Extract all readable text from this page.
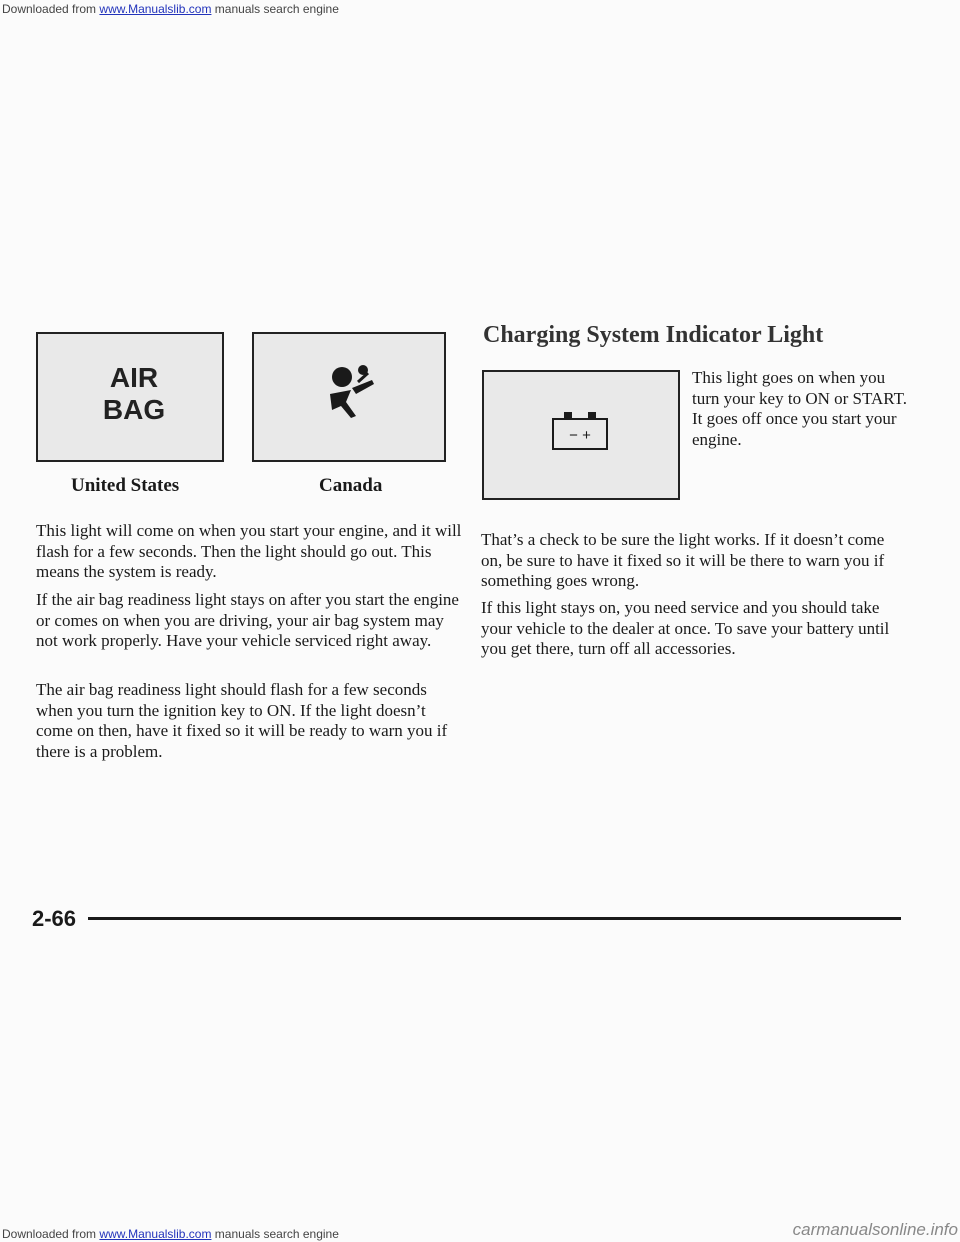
Downloaded from www.Manualslib.com manuals search engine
AIR
BAG
United States	Canada

This light will come on when you start your engine, and it will flash for a few seconds. Then the light should go out. This means the system is ready.

If the air bag readiness light stays on after you start the engine or comes on when you are driving, your air bag system may not work properly. Have your vehicle serviced right away.

The air bag readiness light should flash for a few seconds when you turn the ignition key to ON. If the light doesn’t come on then, have it fixed so it will be ready to warn you if there is a problem.

Charging System Indicator Light
− +

This light goes on when you turn your key to ON or START. It goes off once you start your engine.

That’s a check to be sure the light works. If it doesn’t come on, be sure to have it fixed so it will be there to warn you if something goes wrong.

If this light stays on, you need service and you should take your vehicle to the dealer at once. To save your battery until you get there, turn off all accessories.

2-66
Downloaded from www.Manualslib.com manuals search engine	carmanualsonline.info
